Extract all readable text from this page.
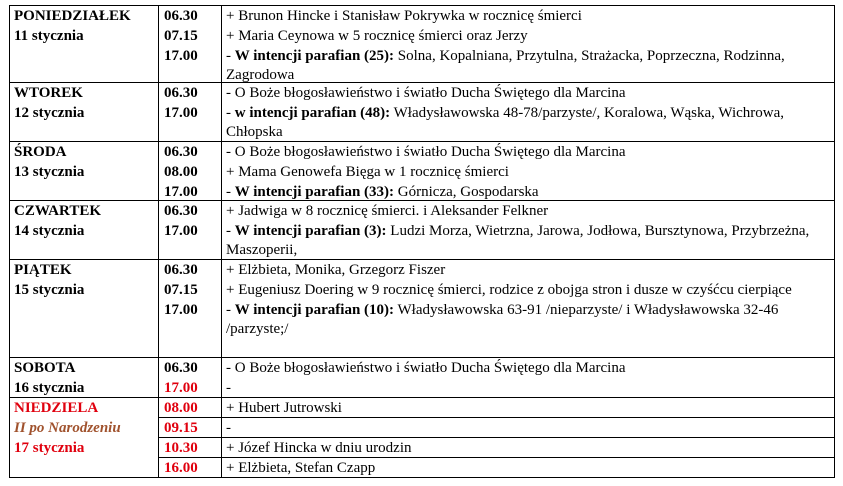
PONIEDZIAŁEK
11 stycznia
06.30 + Brunon Hincke i Stanisław Pokrywka w rocznicę śmierci
07.15 + Maria Ceynowa w 5 rocznicę śmierci oraz Jerzy
17.00 - W intencji parafian (25): Solna, Kopalniana, Przytulna, Strażacka, Poprzeczna, Rodzinna, Zagrodowa
WTOREK
12 stycznia
06.30 - O Boże błogosławieństwo i światło Ducha Świętego dla Marcina
17.00 - w intencji parafian (48): Władysławowska 48-78/parzyste/, Koralowa, Wąska, Wichrowa, Chłopska
ŚRODA
13 stycznia
06.30 - O Boże błogosławieństwo i światło Ducha Świętego dla Marcina
08.00 + Mama Genowefa Bięga w 1 rocznicę śmierci
17.00 - W intencji parafian (33): Górnicza, Gospodarska
CZWARTEK
14 stycznia
06.30 + Jadwiga w 8 rocznicę śmierci. i Aleksander Felkner
17.00 - W intencji parafian (3): Ludzi Morza, Wietrzna, Jarowa, Jodłowa, Bursztynowa, Przybrzeżna, Maszoperii,
PIĄTEK
15 stycznia
06.30 + Elżbieta, Monika, Grzegorz Fiszer
07.15 + Eugeniusz Doering w 9 rocznicę śmierci, rodzice z obojga stron i dusze w czyśćcu cierpiące
17.00 - W intencji parafian (10): Władysławowska 63-91 /nieparzyste/ i Władysławowska 32-46 /parzyste;/
SOBOTA
16 stycznia
06.30 - O Boże błogosławieństwo i światło Ducha Świętego dla Marcina
17.00 -
NIEDZIELA
II po Narodzeniu
17 stycznia
08.00 + Hubert Jutrowski
09.15 -
10.30 + Józef Hincka w dniu urodzin
16.00 + Elżbieta, Stefan Czapp
